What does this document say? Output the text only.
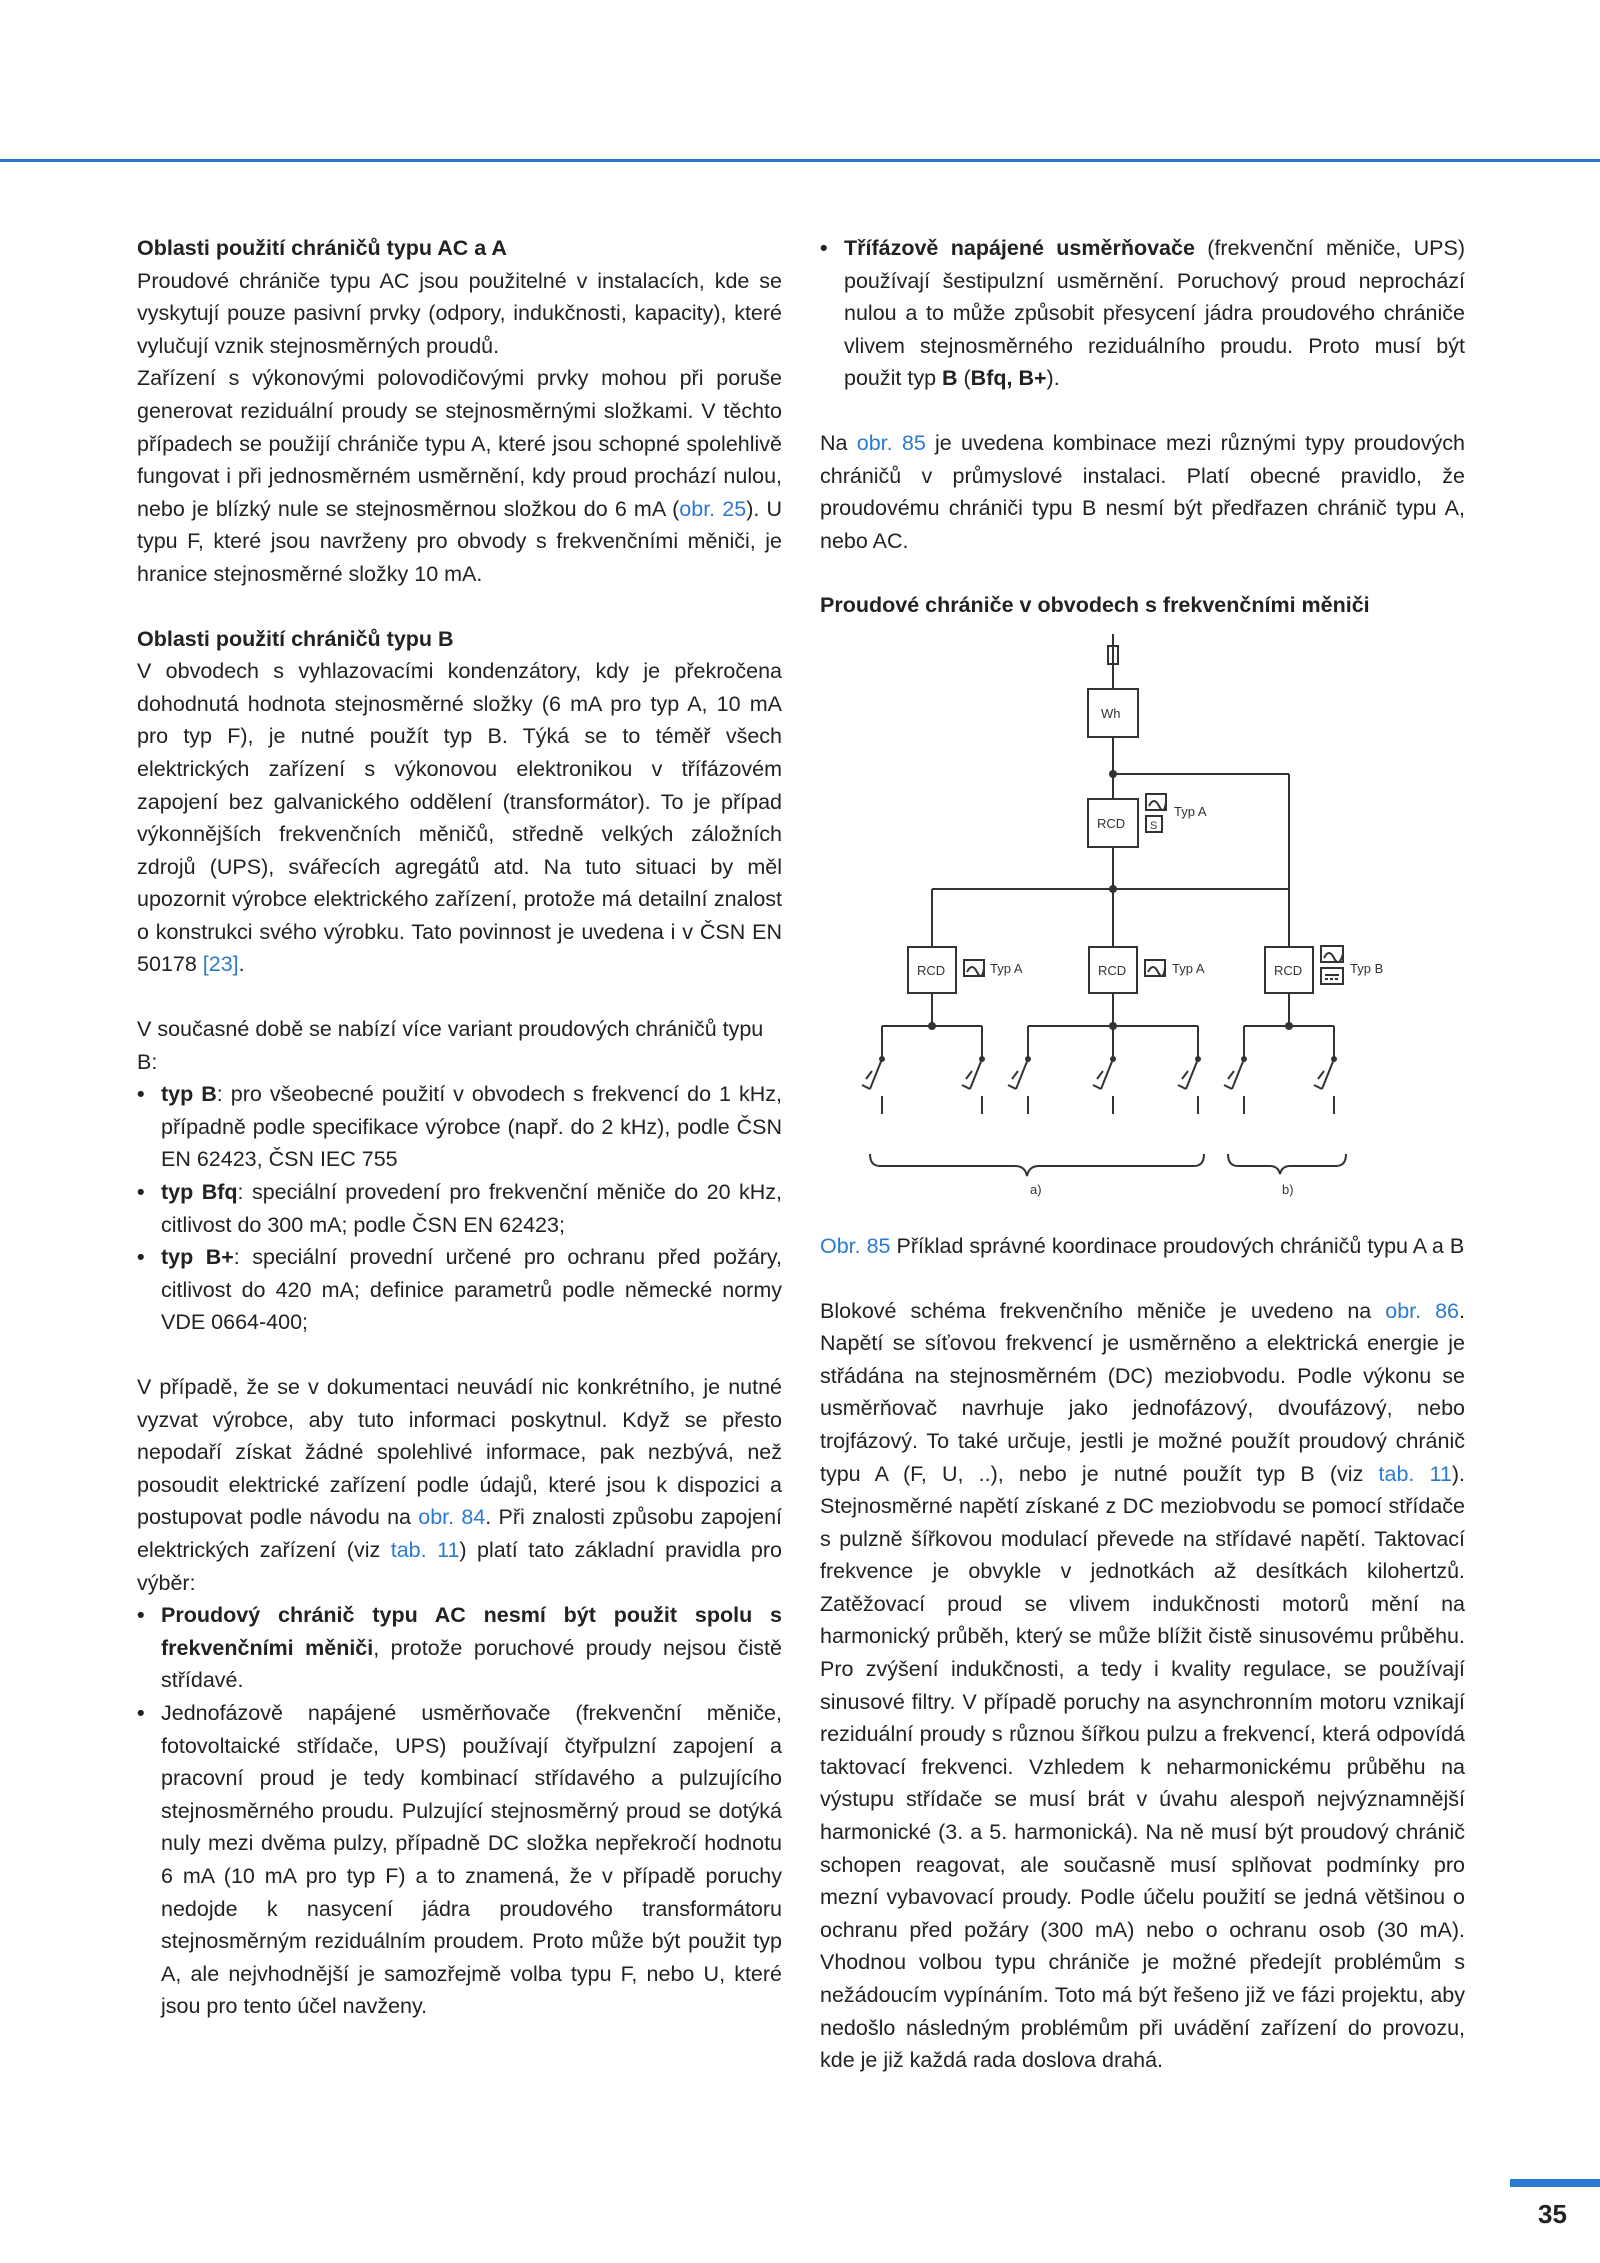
Oblasti použití chráničů typu AC a A

Proudové chrániče typu AC jsou použitelné v instalacích, kde se vyskytují pouze pasivní prvky (odpory, indukčnosti, kapacity), které vylučují vznik stejnosměrných proudů.

Zařízení s výkonovými polovodičovými prvky mohou při poruše generovat reziduální proudy se stejnosměrnými složkami. V těchto případech se použijí chrániče typu A, které jsou schopné spolehlivě fungovat i při jednosměrném usměrnění, kdy proud prochází nulou, nebo je blízký nule se stejnosměrnou složkou do 6 mA (obr. 25). U typu F, které jsou navrženy pro obvody s frekvenčními měniči, je hranice stejnosměrné složky 10 mA.

Oblasti použití chráničů typu B

V obvodech s vyhlazovacími kondenzátory, kdy je překročena dohodnutá hodnota stejnosměrné složky (6 mA pro typ A, 10 mA pro typ F), je nutné použít typ B. Týká se to téměř všech elektrických zařízení s výkonovou elektronikou v třífázovém zapojení bez galvanického oddělení (transformátor). To je případ výkonnějších frekvenčních měničů, středně velkých záložních zdrojů (UPS), svářecích agregátů atd. Na tuto situaci by měl upozornit výrobce elektrického zařízení, protože má detailní znalost o konstrukci svého výrobku. Tato povinnost je uvedena i v ČSN EN 50178 [23].

V současné době se nabízí více variant proudových chráničů typu B:

• typ B: pro všeobecné použití v obvodech s frekvencí do 1 kHz, případně podle specifikace výrobce (např. do 2 kHz), podle ČSN EN 62423, ČSN IEC 755
• typ Bfq: speciální provedení pro frekvenční měniče do 20 kHz, citlivost do 300 mA; podle ČSN EN 62423;
• typ B+: speciální provední určené pro ochranu před požáry, citlivost do 420 mA; definice parametrů podle německé normy VDE 0664-400;

V případě, že se v dokumentaci neuvádí nic konkrétního, je nutné vyzvat výrobce, aby tuto informaci poskytnul. Když se přesto nepodaří získat žádné spolehlivé informace, pak nezbývá, než posoudit elektrické zařízení podle údajů, které jsou k dispozici a postupovat podle návodu na obr. 84. Při znalosti způsobu zapojení elektrických zařízení (viz tab. 11) platí tato základní pravidla pro výběr:

• Proudový chránič typu AC nesmí být použit spolu s frekvenčními měniči, protože poruchové proudy nejsou čistě střídavé.
• Jednofázově napájené usměrňovače (frekvenční měniče, fotovoltaické střídače, UPS) používají čtyřpulzní zapojení a pracovní proud je tedy kombinací střídavého a pulzujícího stejnosměrného proudu. Pulzující stejnosměrný proud se dotýká nuly mezi dvěma pulzy, případně DC složka nepřekročí hodnotu 6 mA (10 mA pro typ F) a to znamená, že v případě poruchy nedojde k nasycení jádra proudového transformátoru stejnosměrným reziduálním proudem. Proto může být použit typ A, ale nejvhodnější je samozřejmě volba typu F, nebo U, které jsou pro tento účel navženy.
• Třífázově napájené usměrňovače (frekvenční měniče, UPS) používají šestipulzní usměrnění. Poruchový proud neprochází nulou a to může způsobit přesycení jádra proudového chrániče vlivem stejnosměrného reziduálního proudu. Proto musí být použit typ B (Bfq, B+).

Na obr. 85 je uvedena kombinace mezi různými typy proudových chráničů v průmyslové instalaci. Platí obecné pravidlo, že proudovému chrániči typu B nesmí být předřazen chránič typu A, nebo AC.

Proudové chrániče v obvodech s frekvenčními měniči
Wh
RCD S
Typ A
RCD	Typ A	RCD	Typ A	RCD	Typ B
a)	b)

Obr. 85 Příklad správné koordinace proudových chráničů typu A a B

Blokové schéma frekvenčního měniče je uvedeno na obr. 86. Napětí se síťovou frekvencí je usměrněno a elektrická energie je střádána na stejnosměrném (DC) meziobvodu. Podle výkonu se usměrňovač navrhuje jako jednofázový, dvoufázový, nebo trojfázový. To také určuje, jestli je možné použít proudový chránič typu A (F, U, ..), nebo je nutné použít typ B (viz tab. 11). Stejnosměrné napětí získané z DC meziobvodu se pomocí střídače s pulzně šířkovou modulací převede na střídavé napětí. Taktovací frekvence je obvykle v jednotkách až desítkách kilohertzů. Zatěžovací proud se vlivem indukčnosti motorů mění na harmonický průběh, který se může blížit čistě sinusovému průběhu. Pro zvýšení indukčnosti, a tedy i kvality regulace, se používají sinusové filtry. V případě poruchy na asynchronním motoru vznikají reziduální proudy s různou šířkou pulzu a frekvencí, která odpovídá taktovací frekvenci. Vzhledem k neharmonickému průběhu na výstupu střídače se musí brát v úvahu alespoň nejvýznamnější harmonické (3. a 5. harmonická). Na ně musí být proudový chránič schopen reagovat, ale současně musí splňovat podmínky pro mezní vybavovací proudy. Podle účelu použití se jedná většinou o ochranu před požáry (300 mA) nebo o ochranu osob (30 mA). Vhodnou volbou typu chrániče je možné předejít problémům s nežádoucím vypínáním. Toto má být řešeno již ve fázi projektu, aby nedošlo následným problémům při uvádění zařízení do provozu, kde je již každá rada doslova drahá.

35
